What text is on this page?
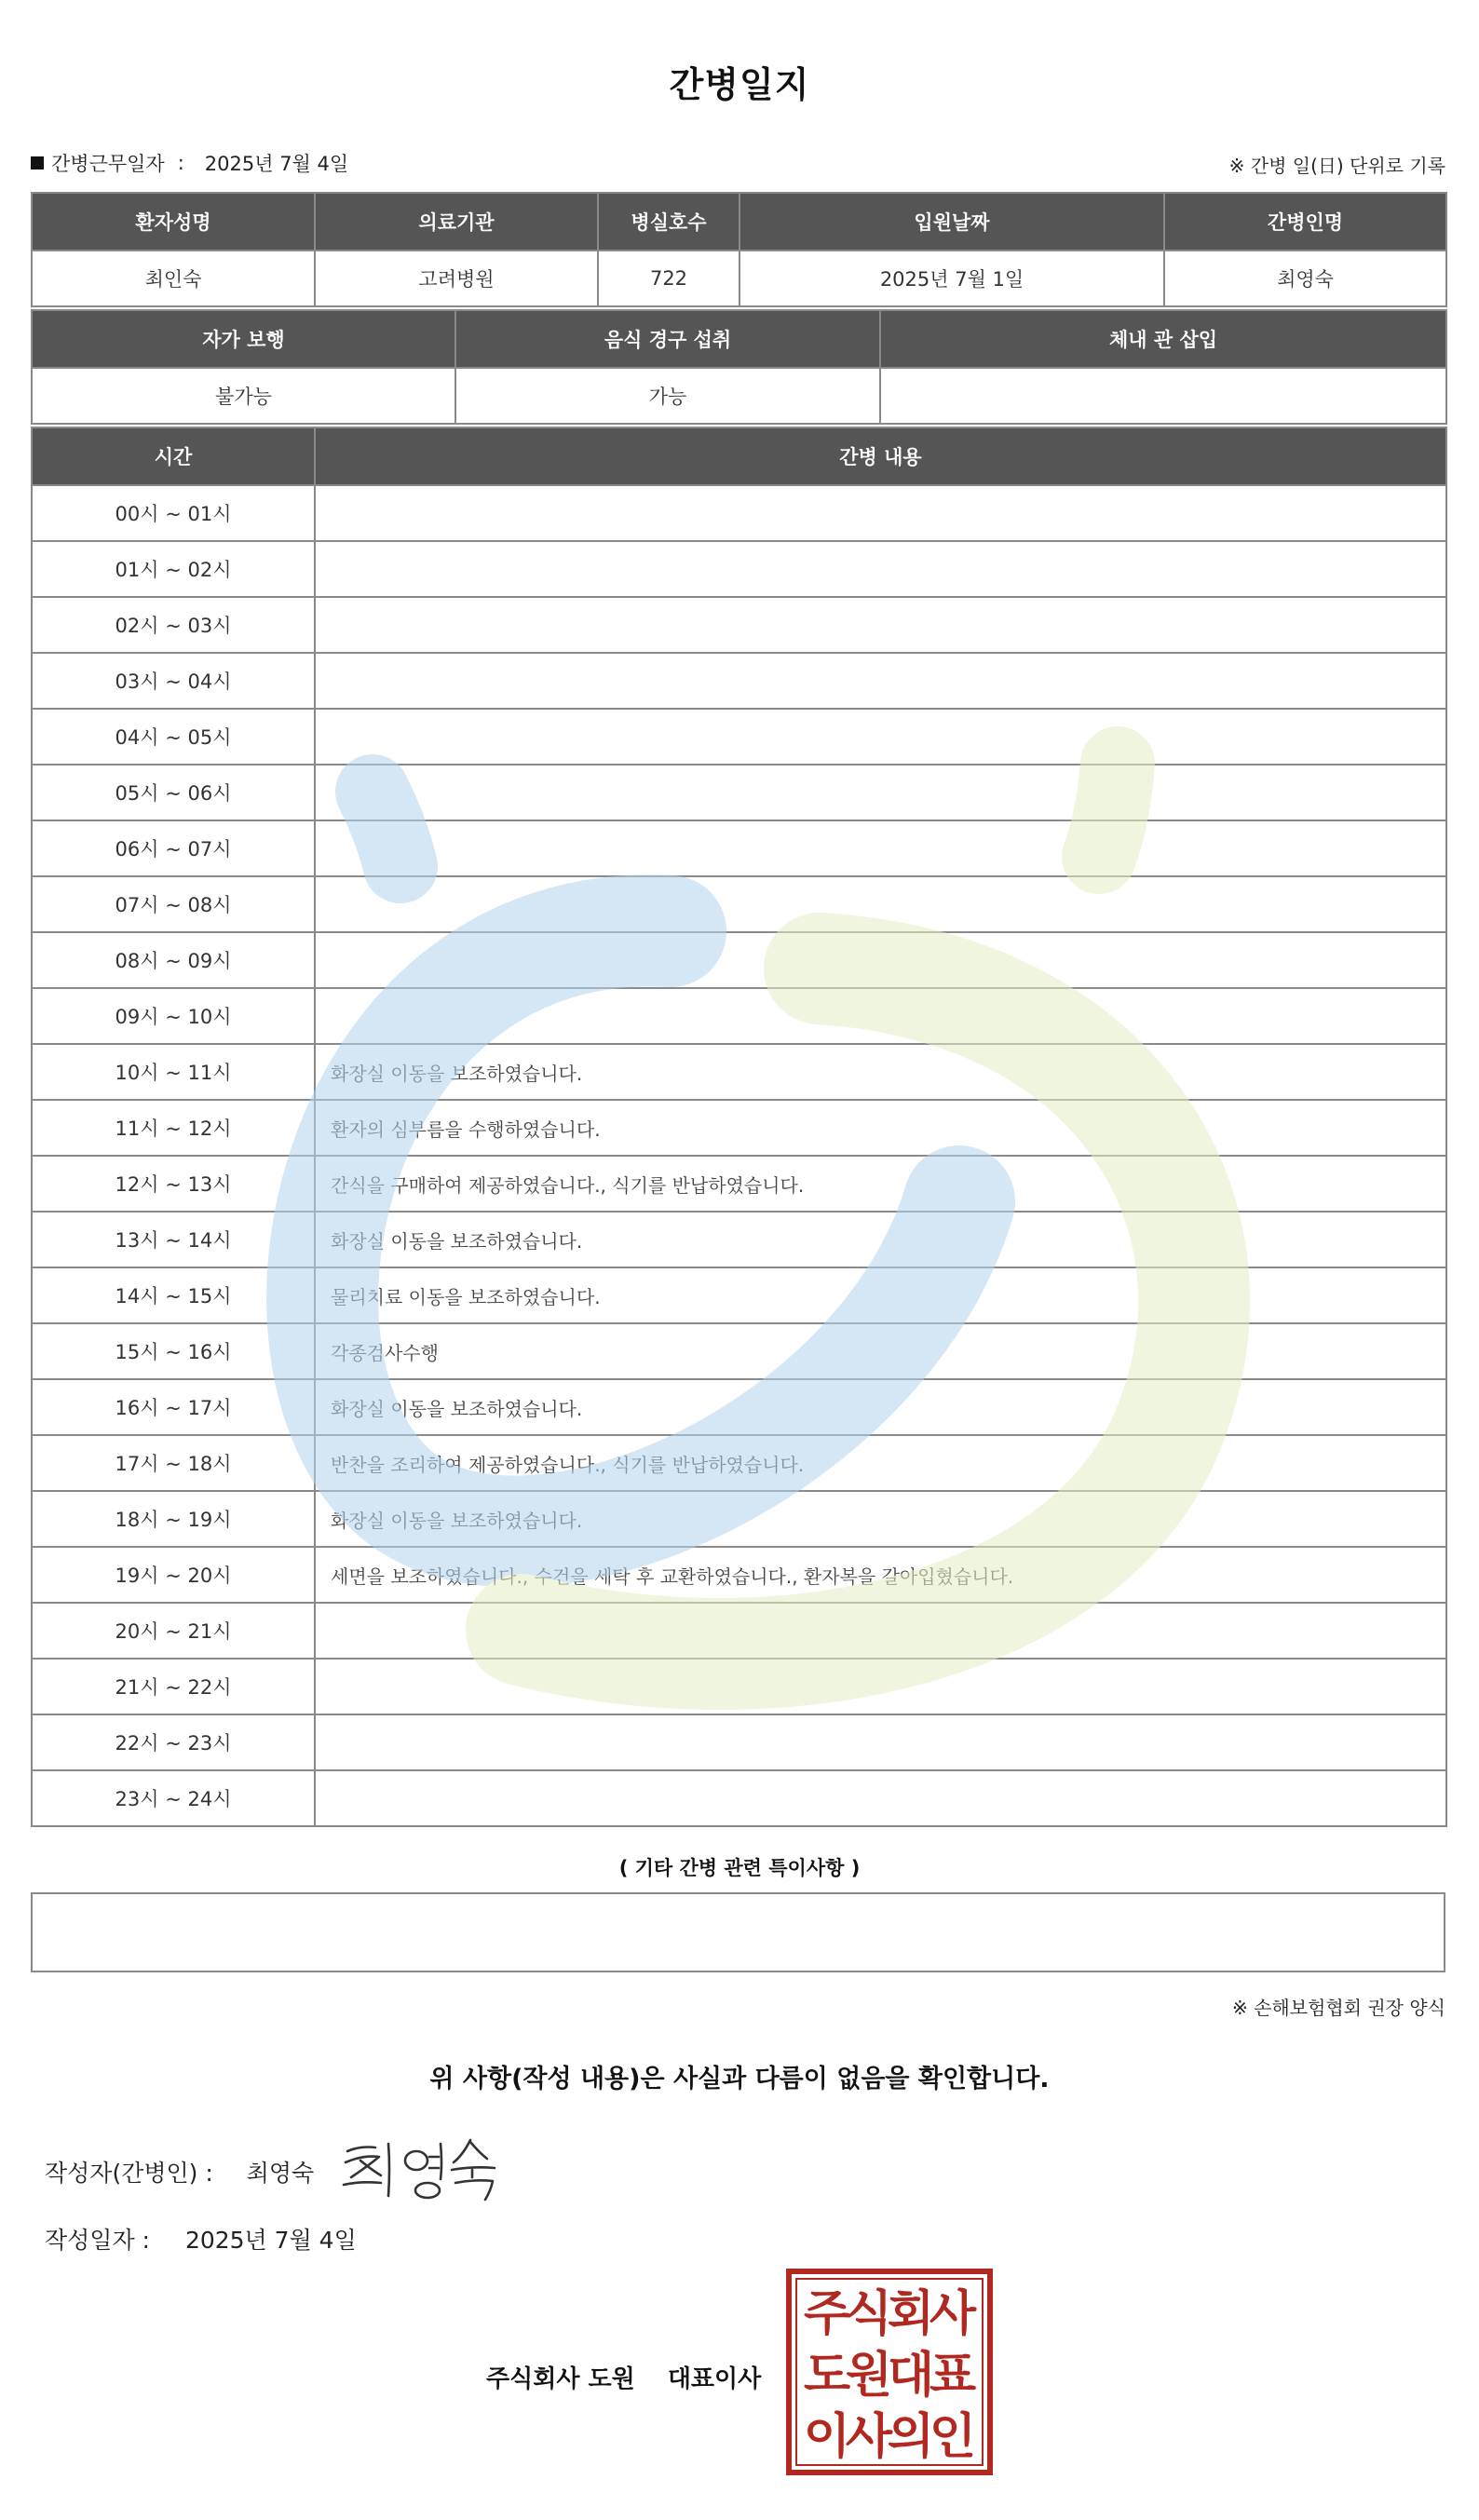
간병일지
간병근무일자 : 2025년 7월 4일	※ 간병 일(日) 단위로 기록
환자성명	의료기관	병실호수	입원날짜	간병인명
최인숙	고려병원	722	2025년 7월 1일	최영숙
자가 보행	음식 경구 섭취	체내 관 삽입
불가능	가능	
시간	간병 내용
00시 ~ 01시	
01시 ~ 02시	
02시 ~ 03시	
03시 ~ 04시	
04시 ~ 05시	
05시 ~ 06시	
06시 ~ 07시	
07시 ~ 08시	
08시 ~ 09시	
09시 ~ 10시	
10시 ~ 11시	화장실 이동을 보조하였습니다.
11시 ~ 12시	환자의 심부름을 수행하였습니다.
12시 ~ 13시	간식을 구매하여 제공하였습니다., 식기를 반납하였습니다.
13시 ~ 14시	화장실 이동을 보조하였습니다.
14시 ~ 15시	물리치료 이동을 보조하였습니다.
15시 ~ 16시	각종검사수행
16시 ~ 17시	화장실 이동을 보조하였습니다.
17시 ~ 18시	반찬을 조리하여 제공하였습니다., 식기를 반납하였습니다.
18시 ~ 19시	화장실 이동을 보조하였습니다.
19시 ~ 20시	세면을 보조하였습니다., 수건을 세탁 후 교환하였습니다., 환자복을 갈아입혔습니다.
20시 ~ 21시	
21시 ~ 22시	
22시 ~ 23시	
23시 ~ 24시	
( 기타 간병 관련 특이사항 )
※ 손해보험협회 권장 양식
위 사항(작성 내용)은 사실과 다름이 없음을 확인합니다.
작성자(간병인) : 최영숙
작성일자 : 2025년 7월 4일
주식회사 도원 대표이사
주
식
회
사
도
원
대
표
이
사
의
인
